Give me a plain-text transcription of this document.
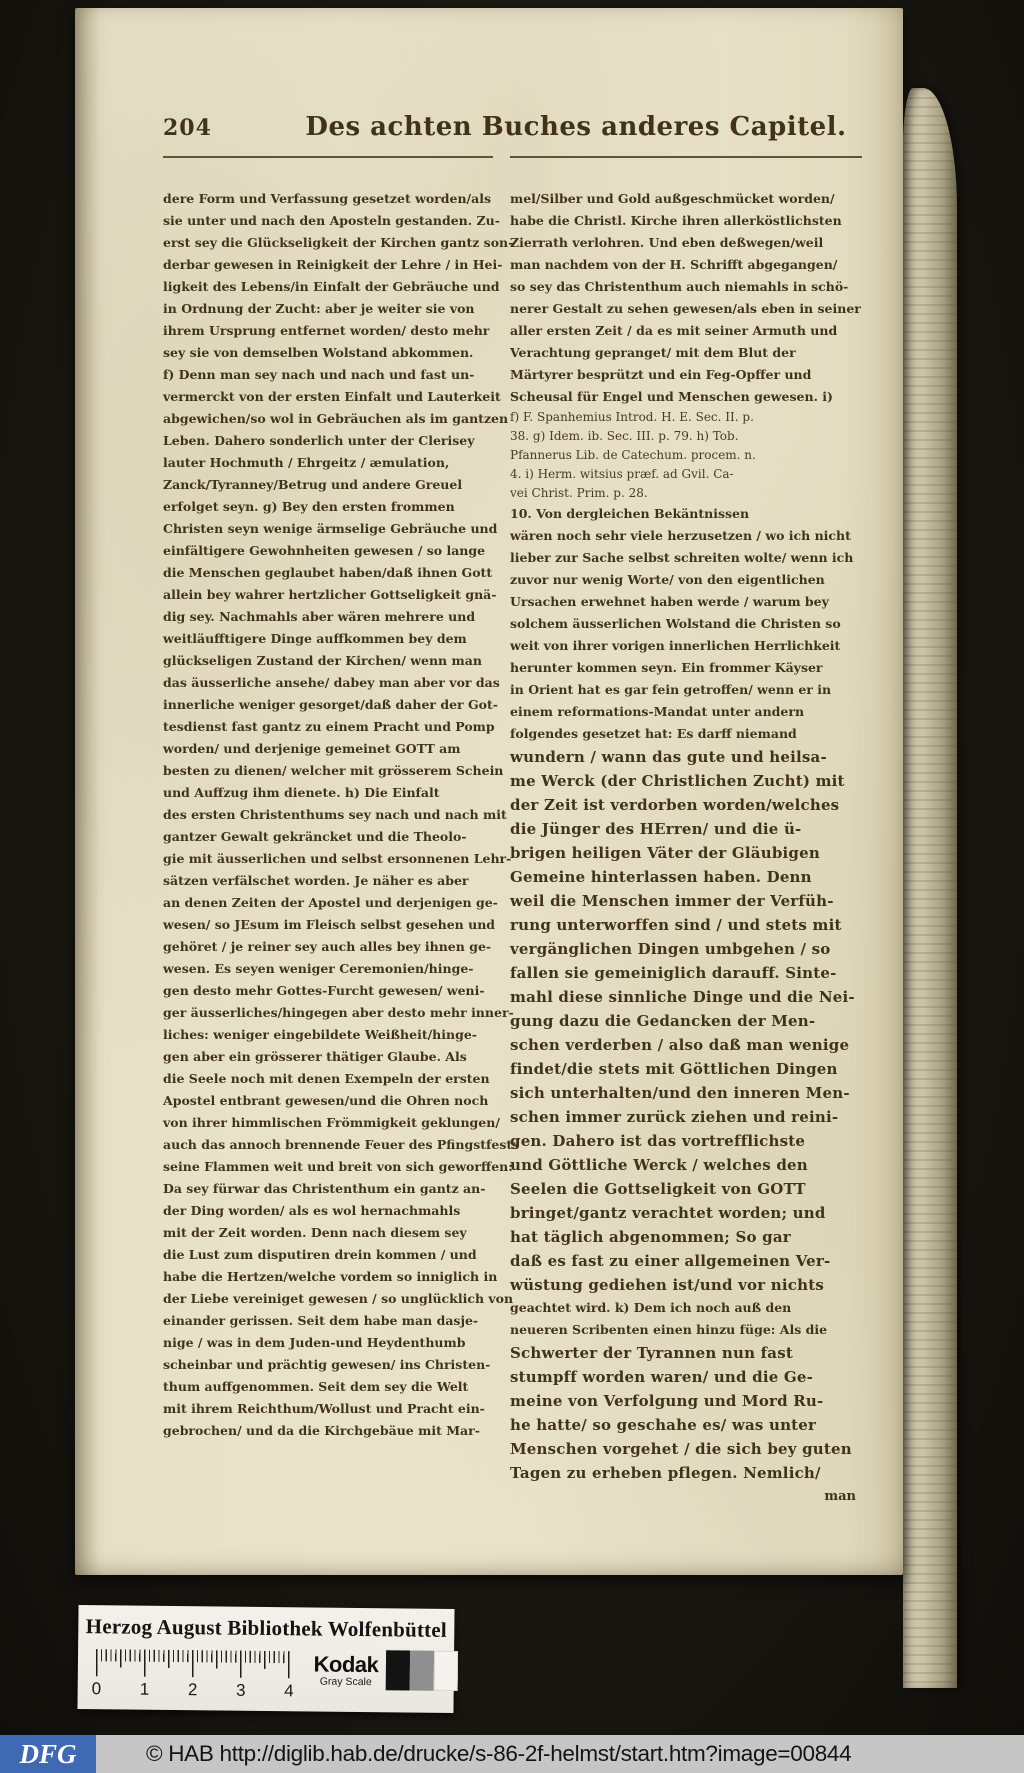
204	Des achten Buches anderes Capitel.
dere Form und Verfassung gesetzet worden/als
sie unter und nach den Aposteln gestanden. Zu-
erst sey die Glückseligkeit der Kirchen gantz son-
derbar gewesen in Reinigkeit der Lehre / in Hei-
ligkeit des Lebens/in Einfalt der Gebräuche und
in Ordnung der Zucht: aber je weiter sie von
ihrem Ursprung entfernet worden/ desto mehr
sey sie von demselben Wolstand abkommen.
f) Denn man sey nach und nach und fast un-
vermerckt von der ersten Einfalt und Lauterkeit
abgewichen/so wol in Gebräuchen als im gantzen
Leben. Dahero sonderlich unter der Clerisey
lauter Hochmuth / Ehrgeitz / æmulation,
Zanck/Tyranney/Betrug und andere Greuel
erfolget seyn. g) Bey den ersten frommen
Christen seyn wenige ärmselige Gebräuche und
einfältigere Gewohnheiten gewesen / so lange
die Menschen geglaubet haben/daß ihnen Gott
allein bey wahrer hertzlicher Gottseligkeit gnä-
dig sey. Nachmahls aber wären mehrere und
weitläufftigere Dinge auffkommen bey dem
glückseligen Zustand der Kirchen/ wenn man
das äusserliche ansehe/ dabey man aber vor das
innerliche weniger gesorget/daß daher der Got-
tesdienst fast gantz zu einem Pracht und Pomp
worden/ und derjenige gemeinet GOTT am
besten zu dienen/ welcher mit grösserem Schein
und Auffzug ihm dienete. h) Die Einfalt
des ersten Christenthums sey nach und nach mit
gantzer Gewalt gekräncket und die Theolo-
gie mit äusserlichen und selbst ersonnenen Lehr-
sätzen verfälschet worden. Je näher es aber
an denen Zeiten der Apostel und derjenigen ge-
wesen/ so JEsum im Fleisch selbst gesehen und
gehöret / je reiner sey auch alles bey ihnen ge-
wesen. Es seyen weniger Ceremonien/hinge-
gen desto mehr Gottes-Furcht gewesen/ weni-
ger äusserliches/hingegen aber desto mehr inner-
liches: weniger eingebildete Weißheit/hinge-
gen aber ein grösserer thätiger Glaube. Als
die Seele noch mit denen Exempeln der ersten
Apostel entbrant gewesen/und die Ohren noch
von ihrer himmlischen Frömmigkeit geklungen/
auch das annoch brennende Feuer des Pfingstfests
seine Flammen weit und breit von sich geworffen:
Da sey fürwar das Christenthum ein gantz an-
der Ding worden/ als es wol hernachmahls
mit der Zeit worden. Denn nach diesem sey
die Lust zum disputiren drein kommen / und
habe die Hertzen/welche vordem so inniglich in
der Liebe vereiniget gewesen / so unglücklich von
einander gerissen. Seit dem habe man dasje-
nige / was in dem Juden-und Heydenthumb
scheinbar und prächtig gewesen/ ins Christen-
thum auffgenommen. Seit dem sey die Welt
mit ihrem Reichthum/Wollust und Pracht ein-
gebrochen/ und da die Kirchgebäue mit Mar-
mel/Silber und Gold außgeschmücket worden/
habe die Christl. Kirche ihren allerköstlichsten
Zierrath verlohren. Und eben deßwegen/weil
man nachdem von der H. Schrifft abgegangen/
so sey das Christenthum auch niemahls in schö-
nerer Gestalt zu sehen gewesen/als eben in seiner
aller ersten Zeit / da es mit seiner Armuth und
Verachtung gepranget/ mit dem Blut der
Märtyrer besprützt und ein Feg-Opffer und
Scheusal für Engel und Menschen gewesen. i)
f) F. Spanhemius Introd. H. E. Sec. II. p.
38. g) Idem. ib. Sec. III. p. 79. h) Tob.
Pfannerus Lib. de Catechum. procem. n.
4. i) Herm. witsius præf. ad Gvil. Ca-
vei Christ. Prim. p. 28.
10. Von dergleichen Bekäntnissen
wären noch sehr viele herzusetzen / wo ich nicht
lieber zur Sache selbst schreiten wolte/ wenn ich
zuvor nur wenig Worte/ von den eigentlichen
Ursachen erwehnet haben werde / warum bey
solchem äusserlichen Wolstand die Christen so
weit von ihrer vorigen innerlichen Herrlichkeit
herunter kommen seyn. Ein frommer Käyser
in Orient hat es gar fein getroffen/ wenn er in
einem reformations-Mandat unter andern
folgendes gesetzet hat: Es darff niemand
wundern / wann das gute und heilsa-
me Werck (der Christlichen Zucht) mit
der Zeit ist verdorben worden/welches
die Jünger des HErren/ und die ü-
brigen heiligen Väter der Gläubigen
Gemeine hinterlassen haben. Denn
weil die Menschen immer der Verfüh-
rung unterworffen sind / und stets mit
vergänglichen Dingen umbgehen / so
fallen sie gemeiniglich darauff. Sinte-
mahl diese sinnliche Dinge und die Nei-
gung dazu die Gedancken der Men-
schen verderben / also daß man wenige
findet/die stets mit Göttlichen Dingen
sich unterhalten/und den inneren Men-
schen immer zurück ziehen und reini-
gen. Dahero ist das vortrefflichste
und Göttliche Werck / welches den
Seelen die Gottseligkeit von GOTT
bringet/gantz verachtet worden; und
hat täglich abgenommen; So gar
daß es fast zu einer allgemeinen Ver-
wüstung gediehen ist/und vor nichts
geachtet wird. k) Dem ich noch auß den
neueren Scribenten einen hinzu füge: Als die
Schwerter der Tyrannen nun fast
stumpff worden waren/ und die Ge-
meine von Verfolgung und Mord Ru-
he hatte/ so geschahe es/ was unter
Menschen vorgehet / die sich bey guten
Tagen zu erheben pflegen. Nemlich/
man
Herzog August Bibliothek Wolfenbüttel
0 1 2 3 4
Kodak
Gray Scale
DFG	© HAB http://diglib.hab.de/drucke/s-86-2f-helmst/start.htm?image=00844
